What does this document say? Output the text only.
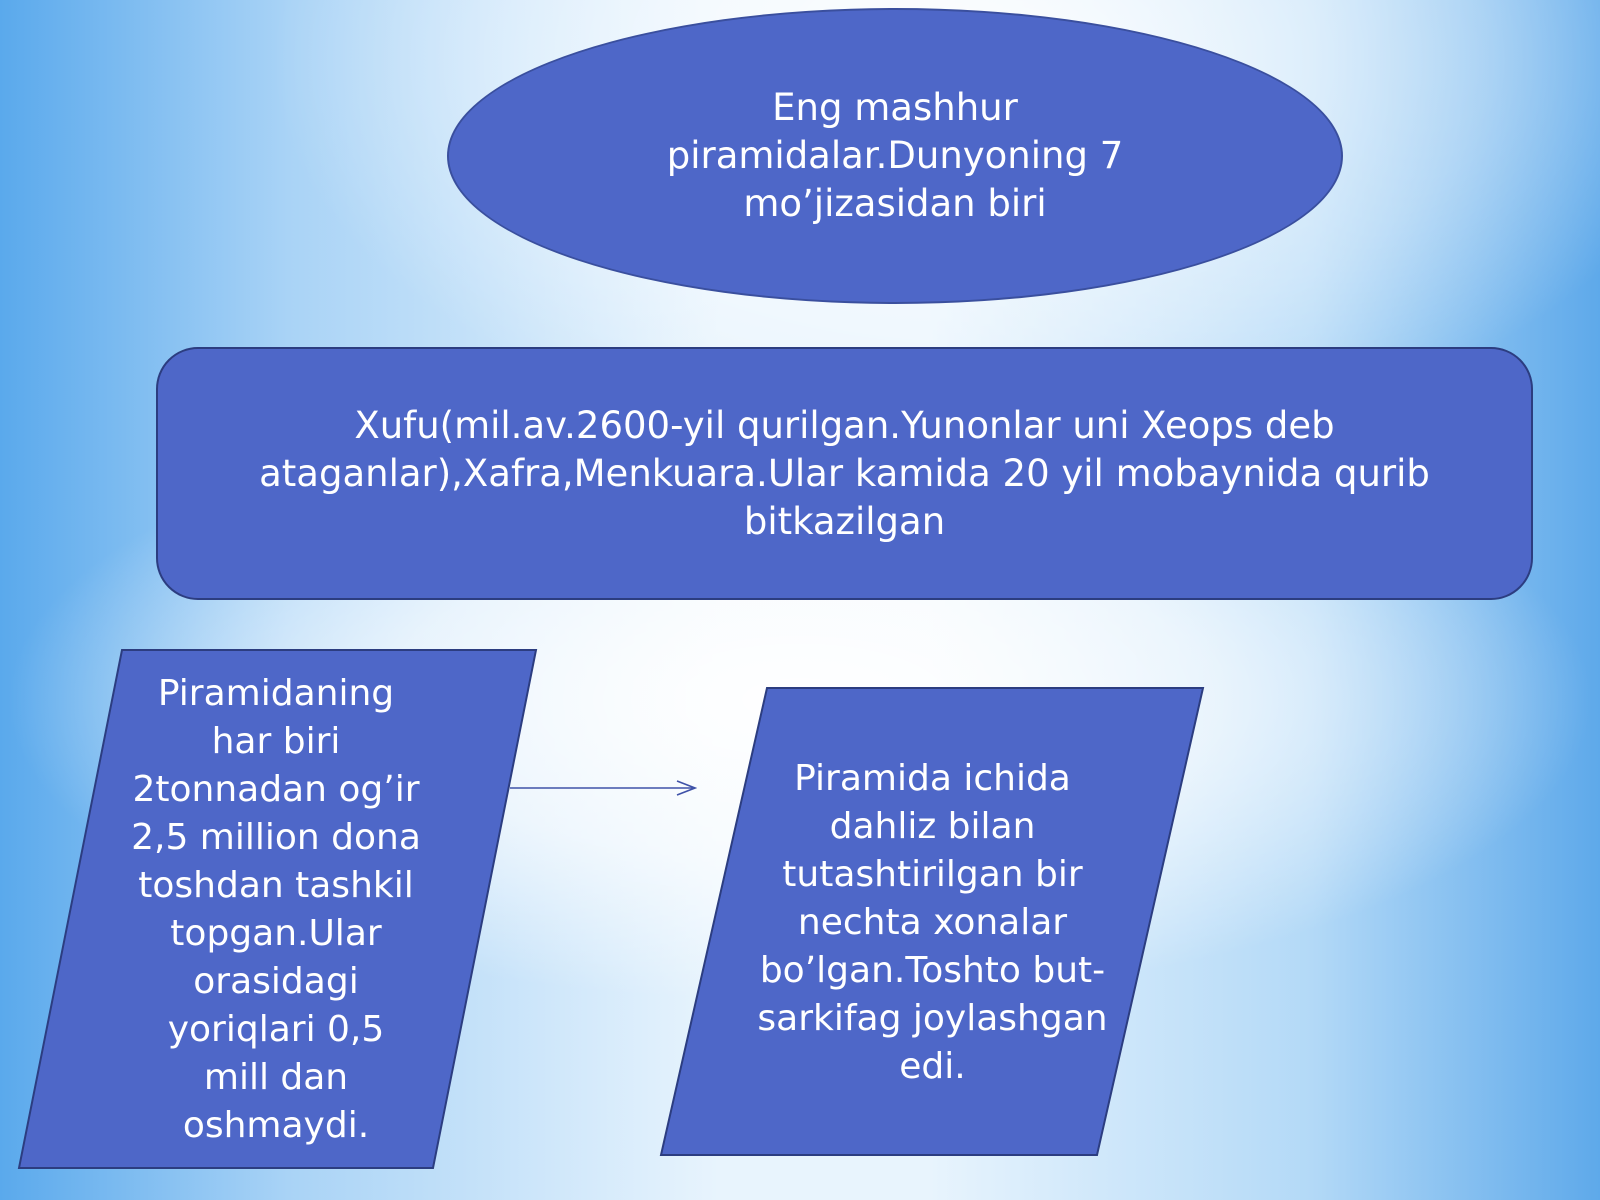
Eng mashhur piramidalar.Dunyoning 7 mo’jizasidan biri
Xufu(mil.av.2600-yil qurilgan.Yunonlar uni Xeops deb ataganlar),Xafra,Menkuara.Ular kamida 20 yil mobaynida qurib bitkazilgan
Piramidaning har biri 2tonnadan og’ir 2,5 million dona toshdan tashkil topgan.Ular orasidagi yoriqlari 0,5 mill dan oshmaydi.
Piramida ichida dahliz bilan tutashtirilgan bir nechta xonalar bo’lgan.Toshto but-sarkifag joylashgan edi.
